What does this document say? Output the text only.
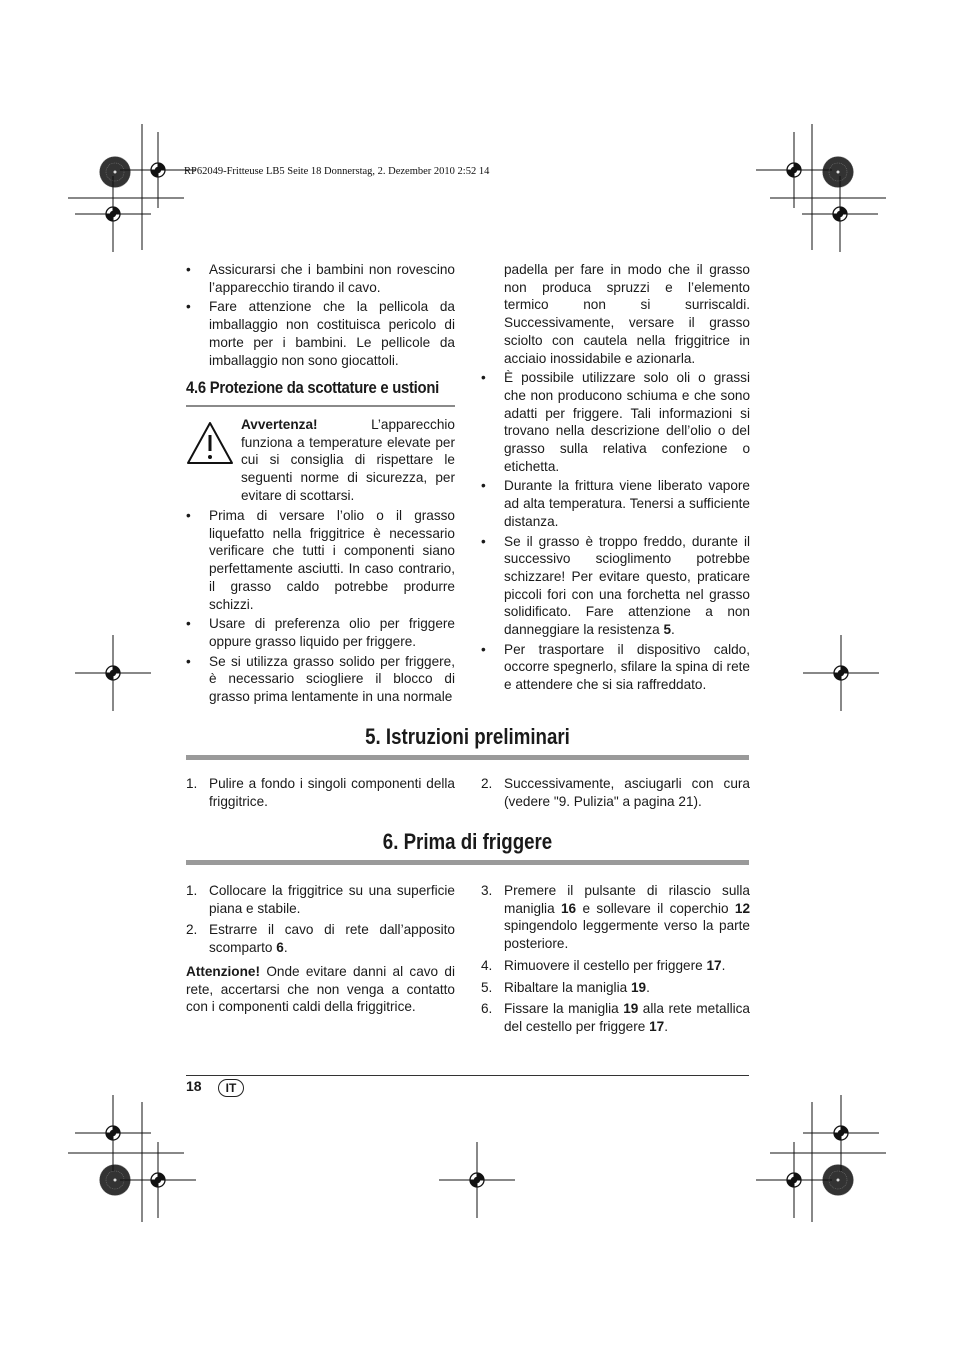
RP62049-Fritteuse LB5 Seite 18 Donnerstag, 2. Dezember 2010 2:52 14
• Assicurarsi che i bambini non rovescino l’apparecchio tirando il cavo.
• Fare attenzione che la pellicola da imballaggio non costituisca pericolo di morte per i bambini. Le pellicole da imballaggio non sono giocattoli.
4.6 Protezione da scottature e ustioni

Avvertenza! L’apparecchio funziona a temperature elevate per cui si consiglia di rispettare le seguenti norme di sicurezza, per evitare di scottarsi.

• Prima di versare l’olio o il grasso liquefatto nella friggitrice è necessario verificare che tutti i componenti siano perfettamente asciutti. In caso contrario, il grasso caldo potrebbe produrre schizzi.
• Usare di preferenza olio per friggere oppure grasso liquido per friggere.
• Se si utilizza grasso solido per friggere, è necessario sciogliere il blocco di grasso prima lentamente in una normale

padella per fare in modo che il grasso non produca spruzzi e l’elemento termico non si surriscaldi. Successivamente, versare il grasso sciolto con cautela nella friggitrice in acciaio inossidabile e azionarla.

• È possibile utilizzare solo oli o grassi che non producono schiuma e che sono adatti per friggere. Tali informazioni si trovano nella descrizione dell’olio o del grasso sulla relativa confezione o etichetta.
• Durante la frittura viene liberato vapore ad alta temperatura. Tenersi a sufficiente distanza.
• Se il grasso è troppo freddo, durante il successivo scioglimento potrebbe schizzare! Per evitare questo, praticare piccoli fori con una forchetta nel grasso solidificato. Fare attenzione a non danneggiare la resistenza 5.
• Per trasportare il dispositivo caldo, occorre spegnerlo, sfilare la spina di rete e attendere che si sia raffreddato.
5. Istruzioni preliminari
1. Pulire a fondo i singoli componenti della friggitrice.
2. Successivamente, asciugarli con cura (vedere "9. Pulizia" a pagina 21).
6. Prima di friggere
1. Collocare la friggitrice su una superficie piana e stabile.
2. Estrarre il cavo di rete dall’apposito scomparto 6.

Attenzione! Onde evitare danni al cavo di rete, accertarsi che non venga a contatto con i componenti caldi della friggitrice.

3. Premere il pulsante di rilascio sulla maniglia 16 e sollevare il coperchio 12 spingendolo leggermente verso la parte posteriore.
4. Rimuovere il cestello per friggere 17.
5. Ribaltare la maniglia 19.
6. Fissare la maniglia 19 alla rete metallica del cestello per friggere 17.
18	IT
